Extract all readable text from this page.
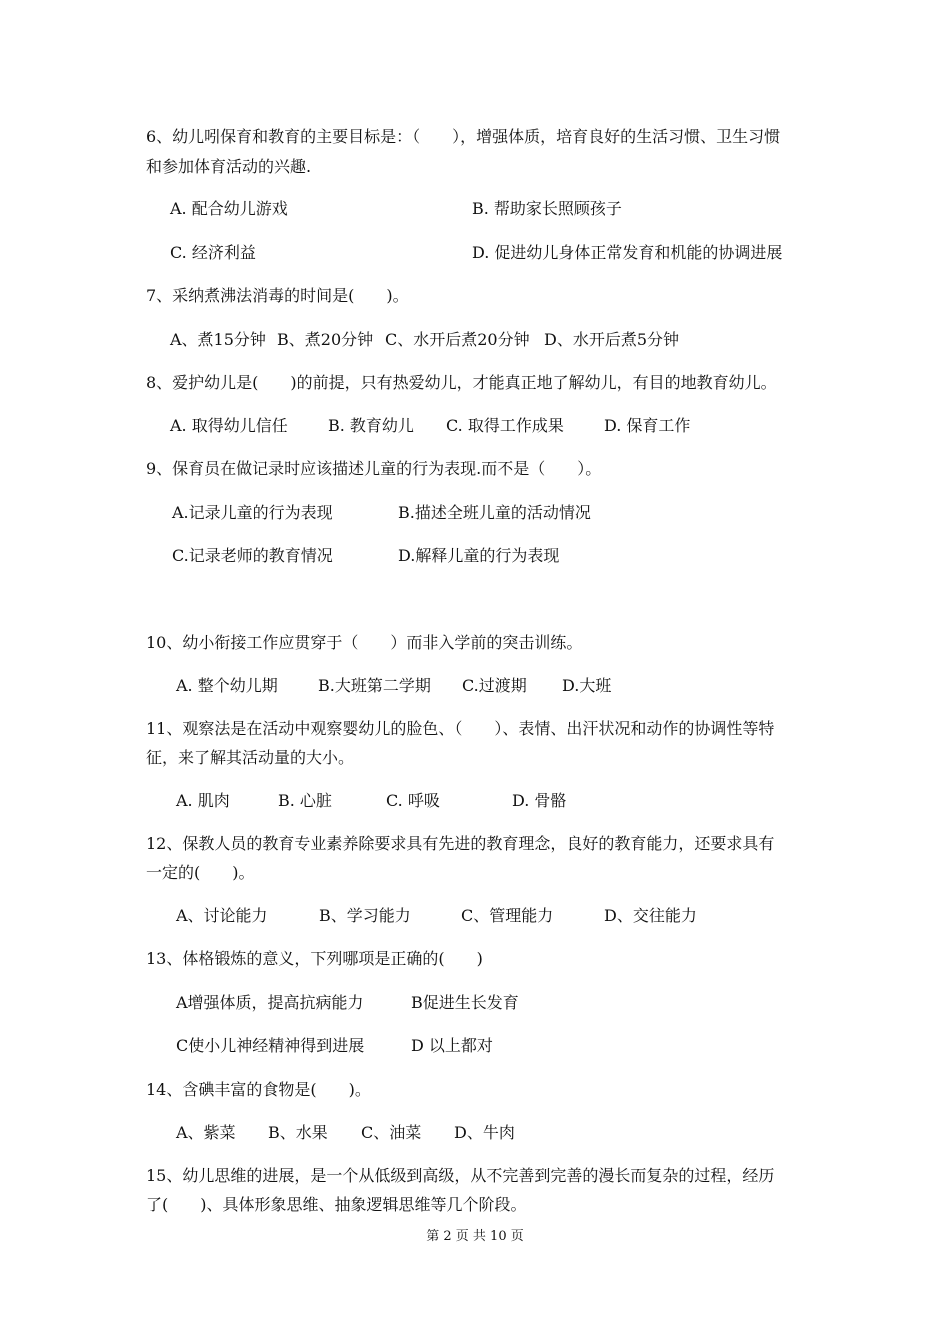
6、幼儿吲保育和教育的主要目标是：（　　），增强体质，培育良好的生活习惯、卫生习惯
和参加体育活动的兴趣.
A. 配合幼儿游戏	B. 帮助家长照顾孩子
C. 经济利益	D. 促进幼儿身体正常发育和机能的协调进展
7、采纳煮沸法消毒的时间是(　　)。
A、煮15分钟 B、煮20分钟 C、水开后煮20分钟 D、水开后煮5分钟
8、爱护幼儿是(　　)的前提，只有热爱幼儿，才能真正地了解幼儿，有目的地教育幼儿。
A. 取得幼儿信任	B. 教育幼儿 C. 取得工作成果	D. 保育工作
9、保育员在做记录时应该描述儿童的行为表现.而不是（　　）。
A.记录儿童的行为表现	B.描述全班儿童的活动情况
C.记录老师的教育情况	D.解释儿童的行为表现
10、幼小衔接工作应贯穿于（　　）而非入学前的突击训练。
A. 整个幼儿期	B.大班第二学期 C.过渡期 D.大班
11、观察法是在活动中观察婴幼儿的脸色、（　　）、表情、出汗状况和动作的协调性等特
征，来了解其活动量的大小。
A. 肌肉	B. 心脏	C. 呼吸	D. 骨骼
12、保教人员的教育专业素养除要求具有先进的教育理念，良好的教育能力，还要求具有
一定的(　　)。
A、讨论能力	B、学习能力	C、管理能力	D、交往能力
13、体格锻炼的意义，下列哪项是正确的(　　)
A增强体质，提高抗病能力	B促进生长发育
C使小儿神经精神得到进展	D 以上都对
14、含碘丰富的食物是(　　)。
A、紫菜 B、水果 C、油菜 D、牛肉
15、幼儿思维的进展，是一个从低级到高级，从不完善到完善的漫长而复杂的过程，经历
了(　　)、具体形象思维、抽象逻辑思维等几个阶段。
第 2 页 共 10 页
